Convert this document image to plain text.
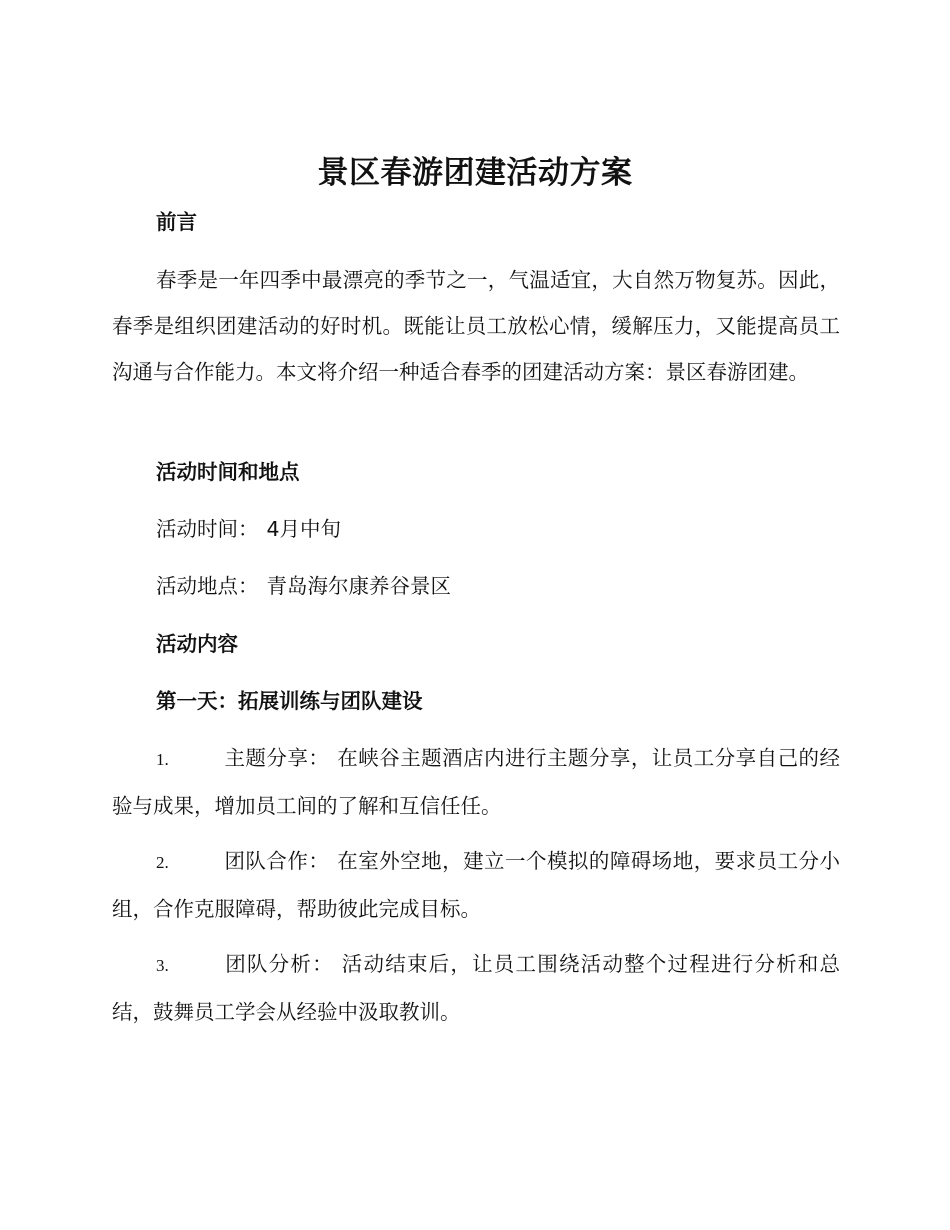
景区春游团建活动方案
前言
春季是一年四季中最漂亮的季节之一，气温适宜，大自然万物复苏。因此，春季是组织团建活动的好时机。既能让员工放松心情，缓解压力，又能提高员工沟通与合作能力。本文将介绍一种适合春季的团建活动方案：景区春游团建。
活动时间和地点
活动时间： 4月中旬
活动地点： 青岛海尔康养谷景区
活动内容
第一天：拓展训练与团队建设
1.	主题分享： 在峡谷主题酒店内进行主题分享，让员工分享自己的经验与成果，增加员工间的了解和互信任任。
2.	团队合作： 在室外空地，建立一个模拟的障碍场地，要求员工分小组，合作克服障碍，帮助彼此完成目标。
3.	团队分析： 活动结束后，让员工围绕活动整个过程进行分析和总结，鼓舞员工学会从经验中汲取教训。
